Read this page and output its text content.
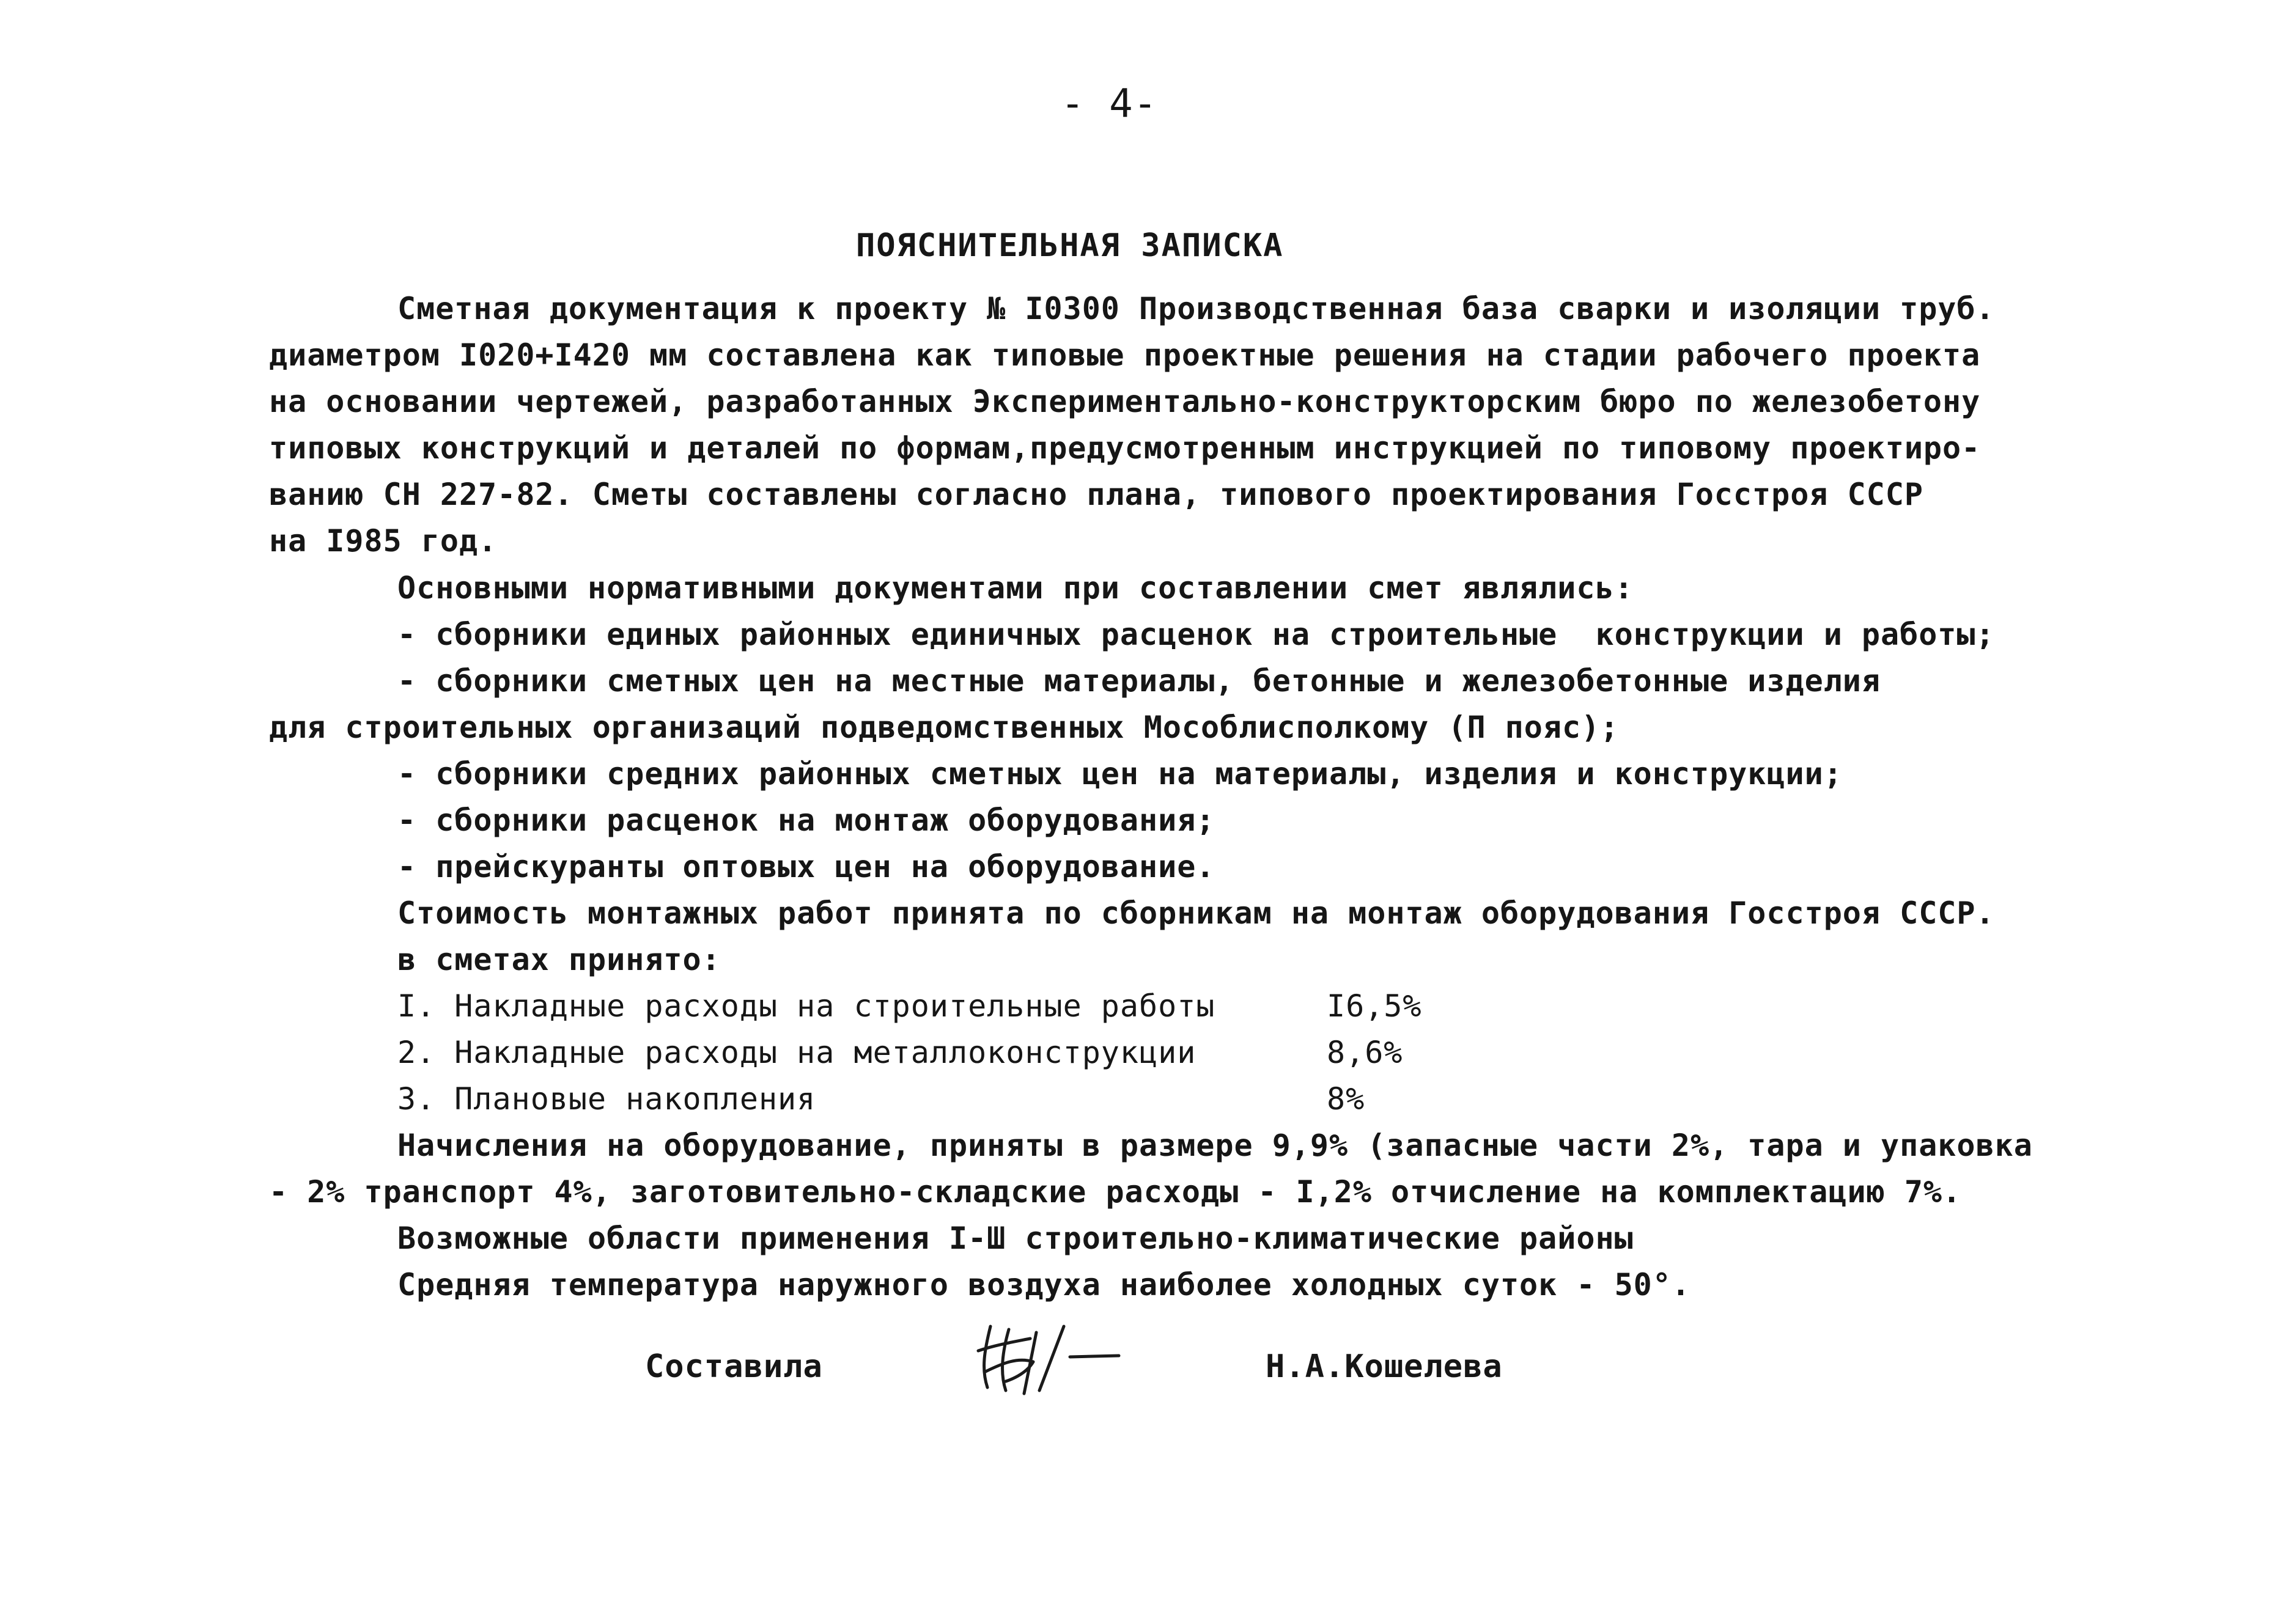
- 4-
ПОЯСНИТЕЛЬНАЯ ЗАПИСКА
Сметная документация к проекту № I0300 Производственная база сварки и изоляции труб.
диаметром I020+I420 мм составлена как типовые проектные решения на стадии рабочего проекта
на основании чертежей, разработанных Экспериментально-конструкторским бюро по железобетону
типовых конструкций и деталей по формам,предусмотренным инструкцией по типовому проектиро-
ванию СН 227-82. Сметы составлены согласно плана, типового проектирования Госстроя СССР
на I985 год.
Основными нормативными документами при составлении смет являлись:
- сборники единых районных единичных расценок на строительные  конструкции и работы;
- сборники сметных цен на местные материалы, бетонные и железобетонные изделия
для строительных организаций подведомственных Мособлисполкому (П пояс);
- сборники средних районных сметных цен на материалы, изделия и конструкции;
- сборники расценок на монтаж оборудования;
- прейскуранты оптовых цен на оборудование.
Стоимость монтажных работ принята по сборникам на монтаж оборудования Госстроя СССР.
в сметах принято:
I. Накладные расходы на строительные работы	I6,5%
2. Накладные расходы на металлоконструкции	8,6%
3. Плановые накопления	8%
Начисления на оборудование, приняты в размере 9,9% (запасные части 2%, тара и упаковка
- 2% транспорт 4%, заготовительно-складские расходы - I,2% отчисление на комплектацию 7%.
Возможные области применения I-Ш строительно-климатические районы
Средняя температура наружного воздуха наиболее холодных суток - 50°.
Составила	Н.А.Кошелева
